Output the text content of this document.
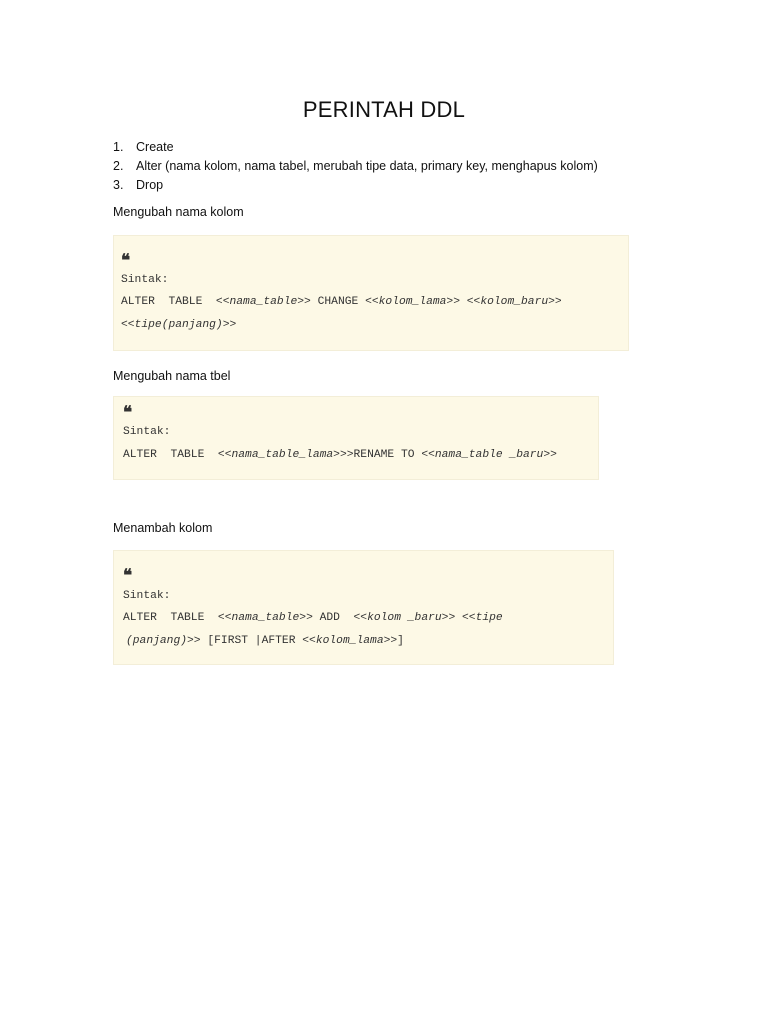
PERINTAH DDL
1.	Create
2.	Alter (nama kolom, nama tabel, merubah tipe data, primary key, menghapus kolom)
3.	Drop
Mengubah nama kolom
❝
Sintak:
ALTER  TABLE  <<nama_table>> CHANGE <<kolom_lama>> <<kolom_baru>>
<<tipe(panjang)>>
Mengubah nama tbel
❝
Sintak:
ALTER  TABLE  <<nama_table_lama>>>RENAME TO <<nama_table _baru>>
Menambah kolom
❝
Sintak:
ALTER  TABLE  <<nama_table>> ADD  <<kolom _baru>> <<tipe
(panjang)>> [FIRST |AFTER <<kolom_lama>>]
